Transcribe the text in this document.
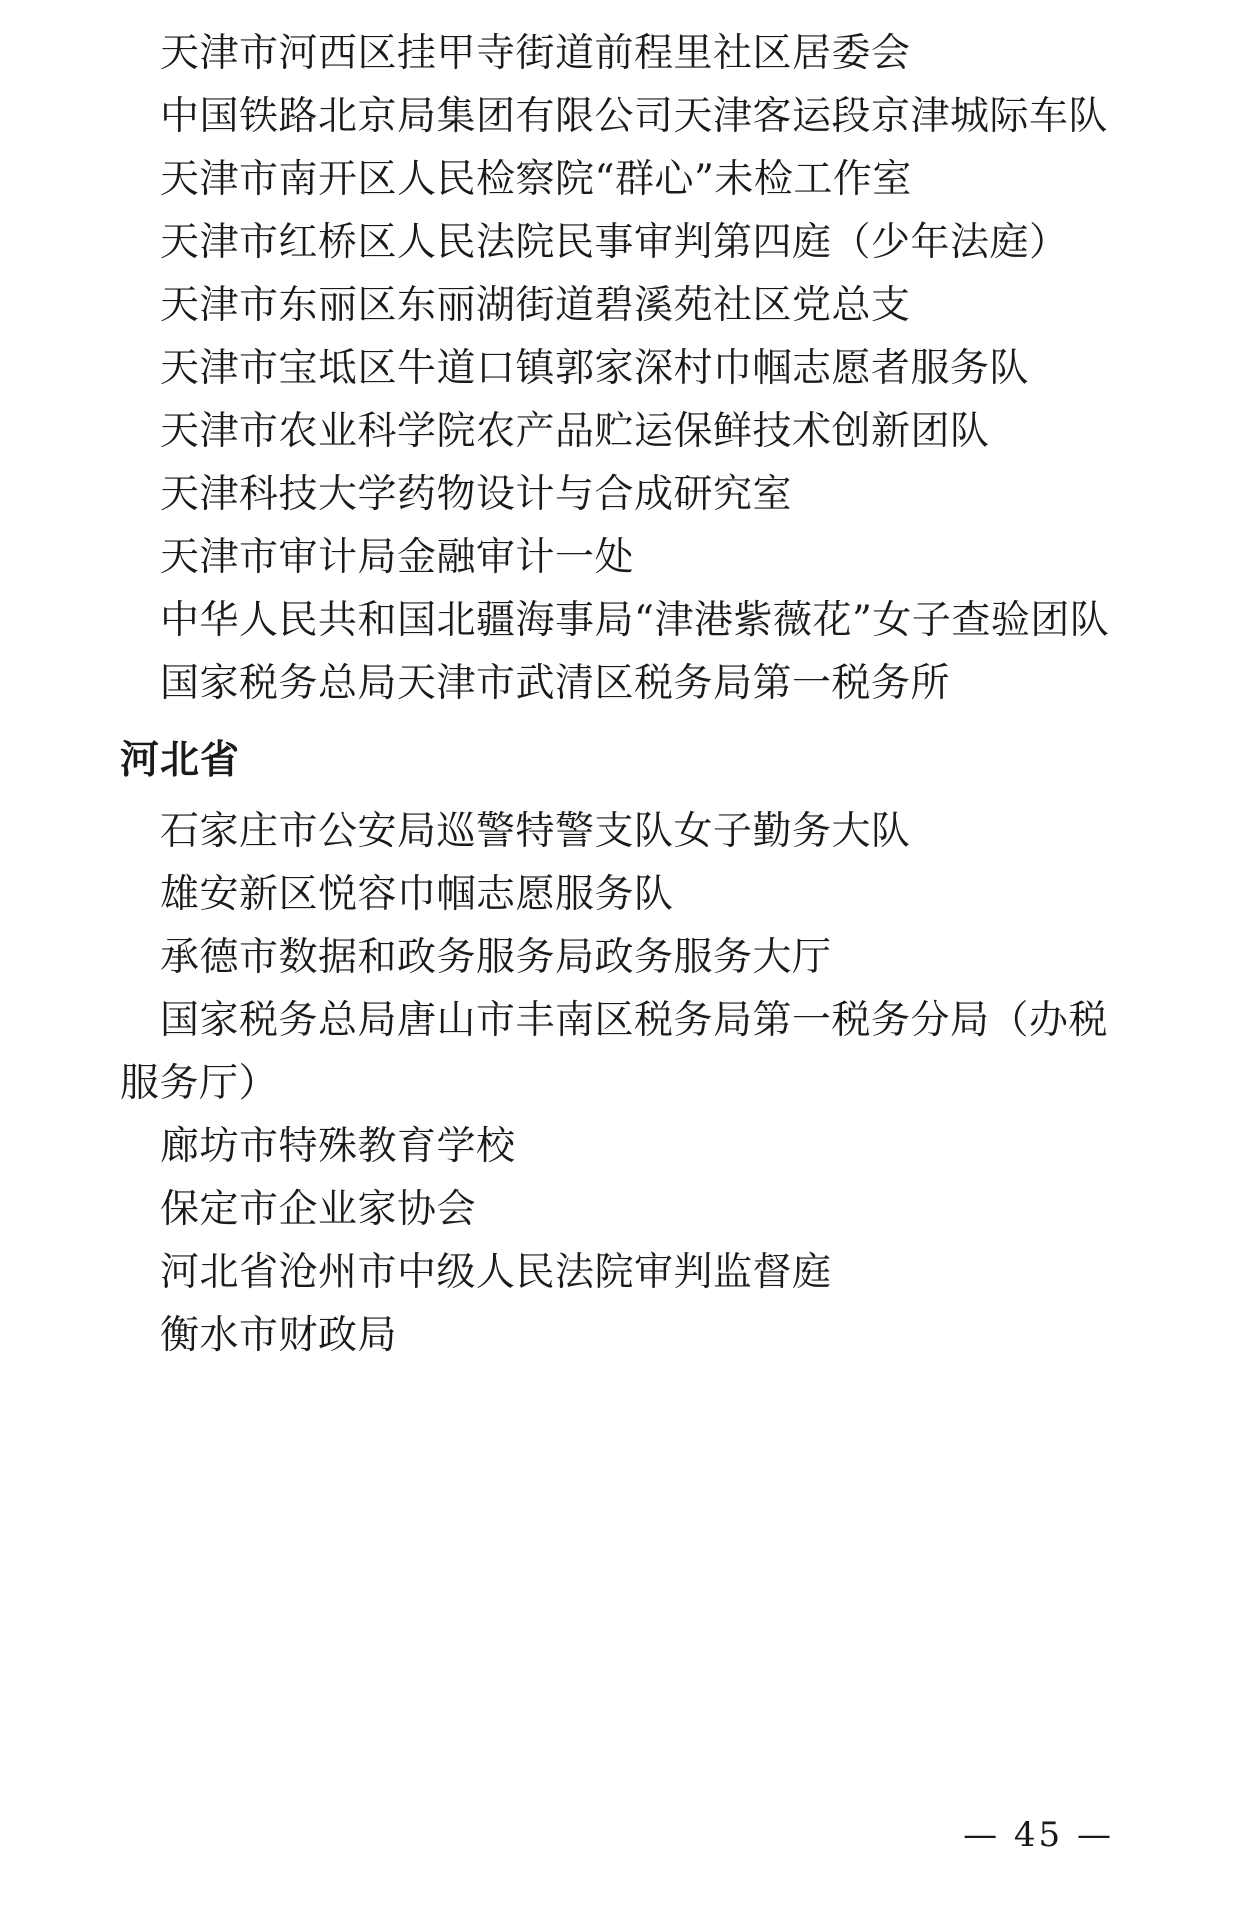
天津市河西区挂甲寺街道前程里社区居委会
中国铁路北京局集团有限公司天津客运段京津城际车队
天津市南开区人民检察院“群心”未检工作室
天津市红桥区人民法院民事审判第四庭（少年法庭）
天津市东丽区东丽湖街道碧溪苑社区党总支
天津市宝坻区牛道口镇郭家深村巾帼志愿者服务队
天津市农业科学院农产品贮运保鲜技术创新团队
天津科技大学药物设计与合成研究室
天津市审计局金融审计一处
中华人民共和国北疆海事局“津港紫薇花”女子查验团队
国家税务总局天津市武清区税务局第一税务所
河北省
石家庄市公安局巡警特警支队女子勤务大队
雄安新区悦容巾帼志愿服务队
承德市数据和政务服务局政务服务大厅
国家税务总局唐山市丰南区税务局第一税务分局（办税服务厅）
廊坊市特殊教育学校
保定市企业家协会
河北省沧州市中级人民法院审判监督庭
衡水市财政局
— 45 —
